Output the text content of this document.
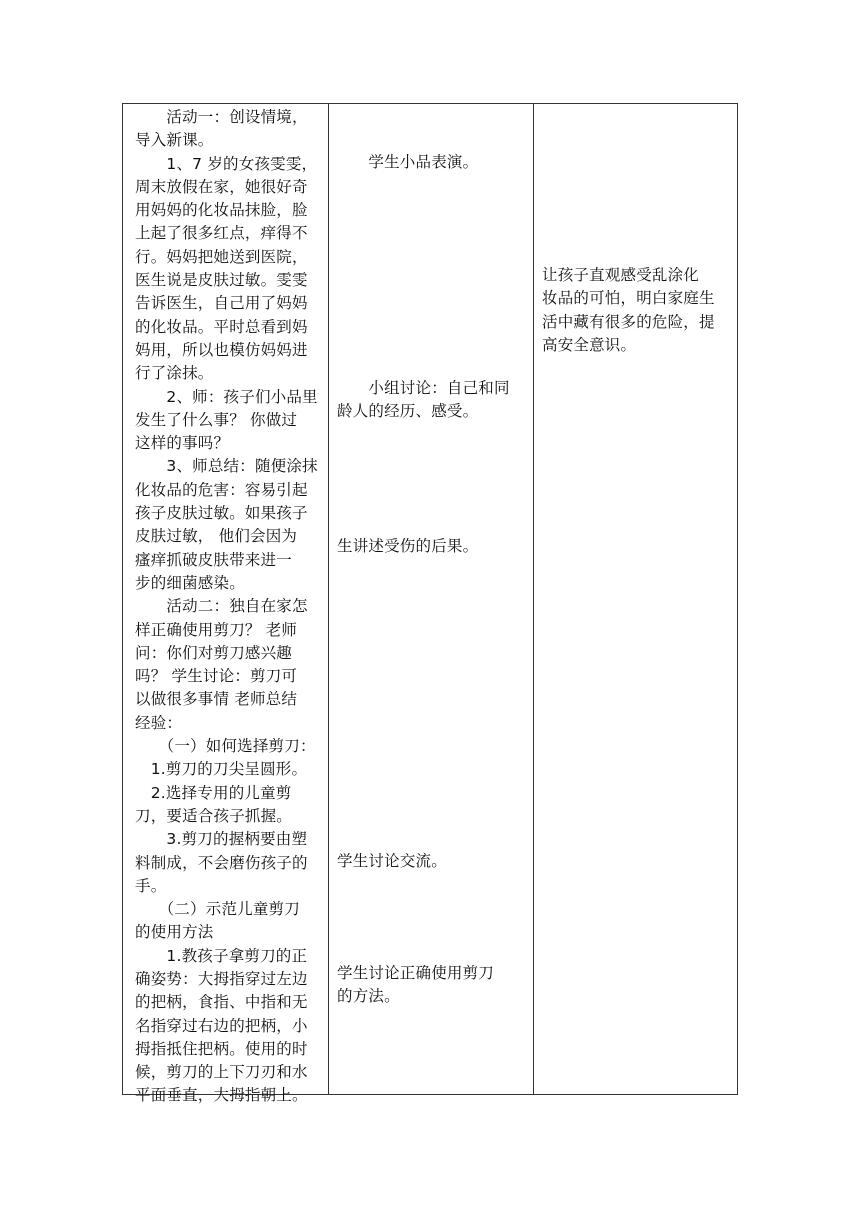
　　活动一：创设情境，
导入新课。
　　1、7 岁的女孩雯雯，
周末放假在家，她很好奇
用妈妈的化妆品抹脸，脸
上起了很多红点，痒得不
行。妈妈把她送到医院，
医生说是皮肤过敏。雯雯
告诉医生，自己用了妈妈
的化妆品。平时总看到妈
妈用，所以也模仿妈妈进
行了涂抹。
　　2、师：孩子们小品里
发生了什么事？ 你做过
这样的事吗？
　　3、师总结：随便涂抹
化妆品的危害：容易引起
孩子皮肤过敏。如果孩子
皮肤过敏， 他们会因为
瘙痒抓破皮肤带来进一
步的细菌感染。
　　活动二：独自在家怎
样正确使用剪刀？ 老师
问：你们对剪刀感兴趣
吗？ 学生讨论：剪刀可
以做很多事情 老师总结
经验：
　　（一）如何选择剪刀：
　1.剪刀的刀尖呈圆形。
　2.选择专用的儿童剪
刀，要适合孩子抓握。
　　3.剪刀的握柄要由塑
料制成，不会磨伤孩子的
手。
　　（二）示范儿童剪刀
的使用方法
　　1.教孩子拿剪刀的正
确姿势：大拇指穿过左边
的把柄，食指、中指和无
名指穿过右边的把柄，小
拇指抵住把柄。使用的时
候，剪刀的上下刀刃和水
平面垂直，大拇指朝上。
　　学生小品表演。
　　小组讨论：自己和同
龄人的经历、感受。
生讲述受伤的后果。
学生讨论交流。
学生讨论正确使用剪刀
的方法。
让孩子直观感受乱涂化
妆品的可怕，明白家庭生
活中藏有很多的危险，提
高安全意识。
